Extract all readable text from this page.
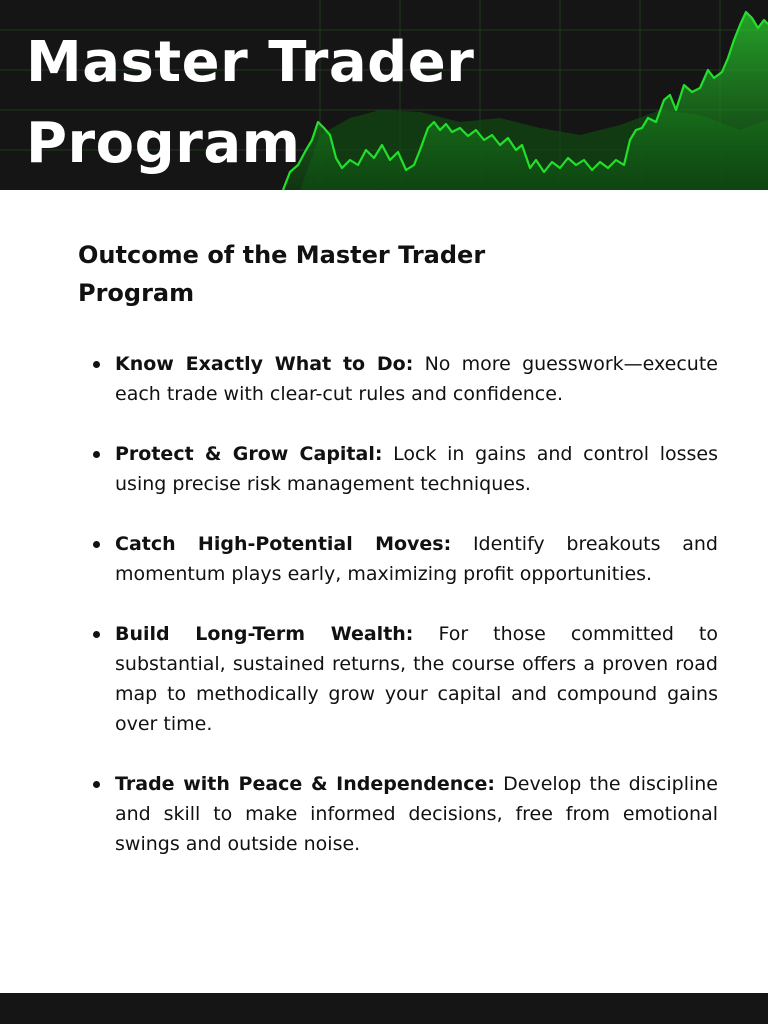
Master Trader
Program
Outcome of the Master Trader Program
Know Exactly What to Do: No more guesswork—execute each trade with clear-cut rules and confidence.
Protect & Grow Capital: Lock in gains and control losses using precise risk management techniques.
Catch High-Potential Moves: Identify breakouts and momentum plays early, maximizing profit opportunities.
Build Long-Term Wealth: For those committed to substantial, sustained returns, the course offers a proven road map to methodically grow your capital and compound gains over time.
Trade with Peace & Independence: Develop the discipline and skill to make informed decisions, free from emotional swings and outside noise.
